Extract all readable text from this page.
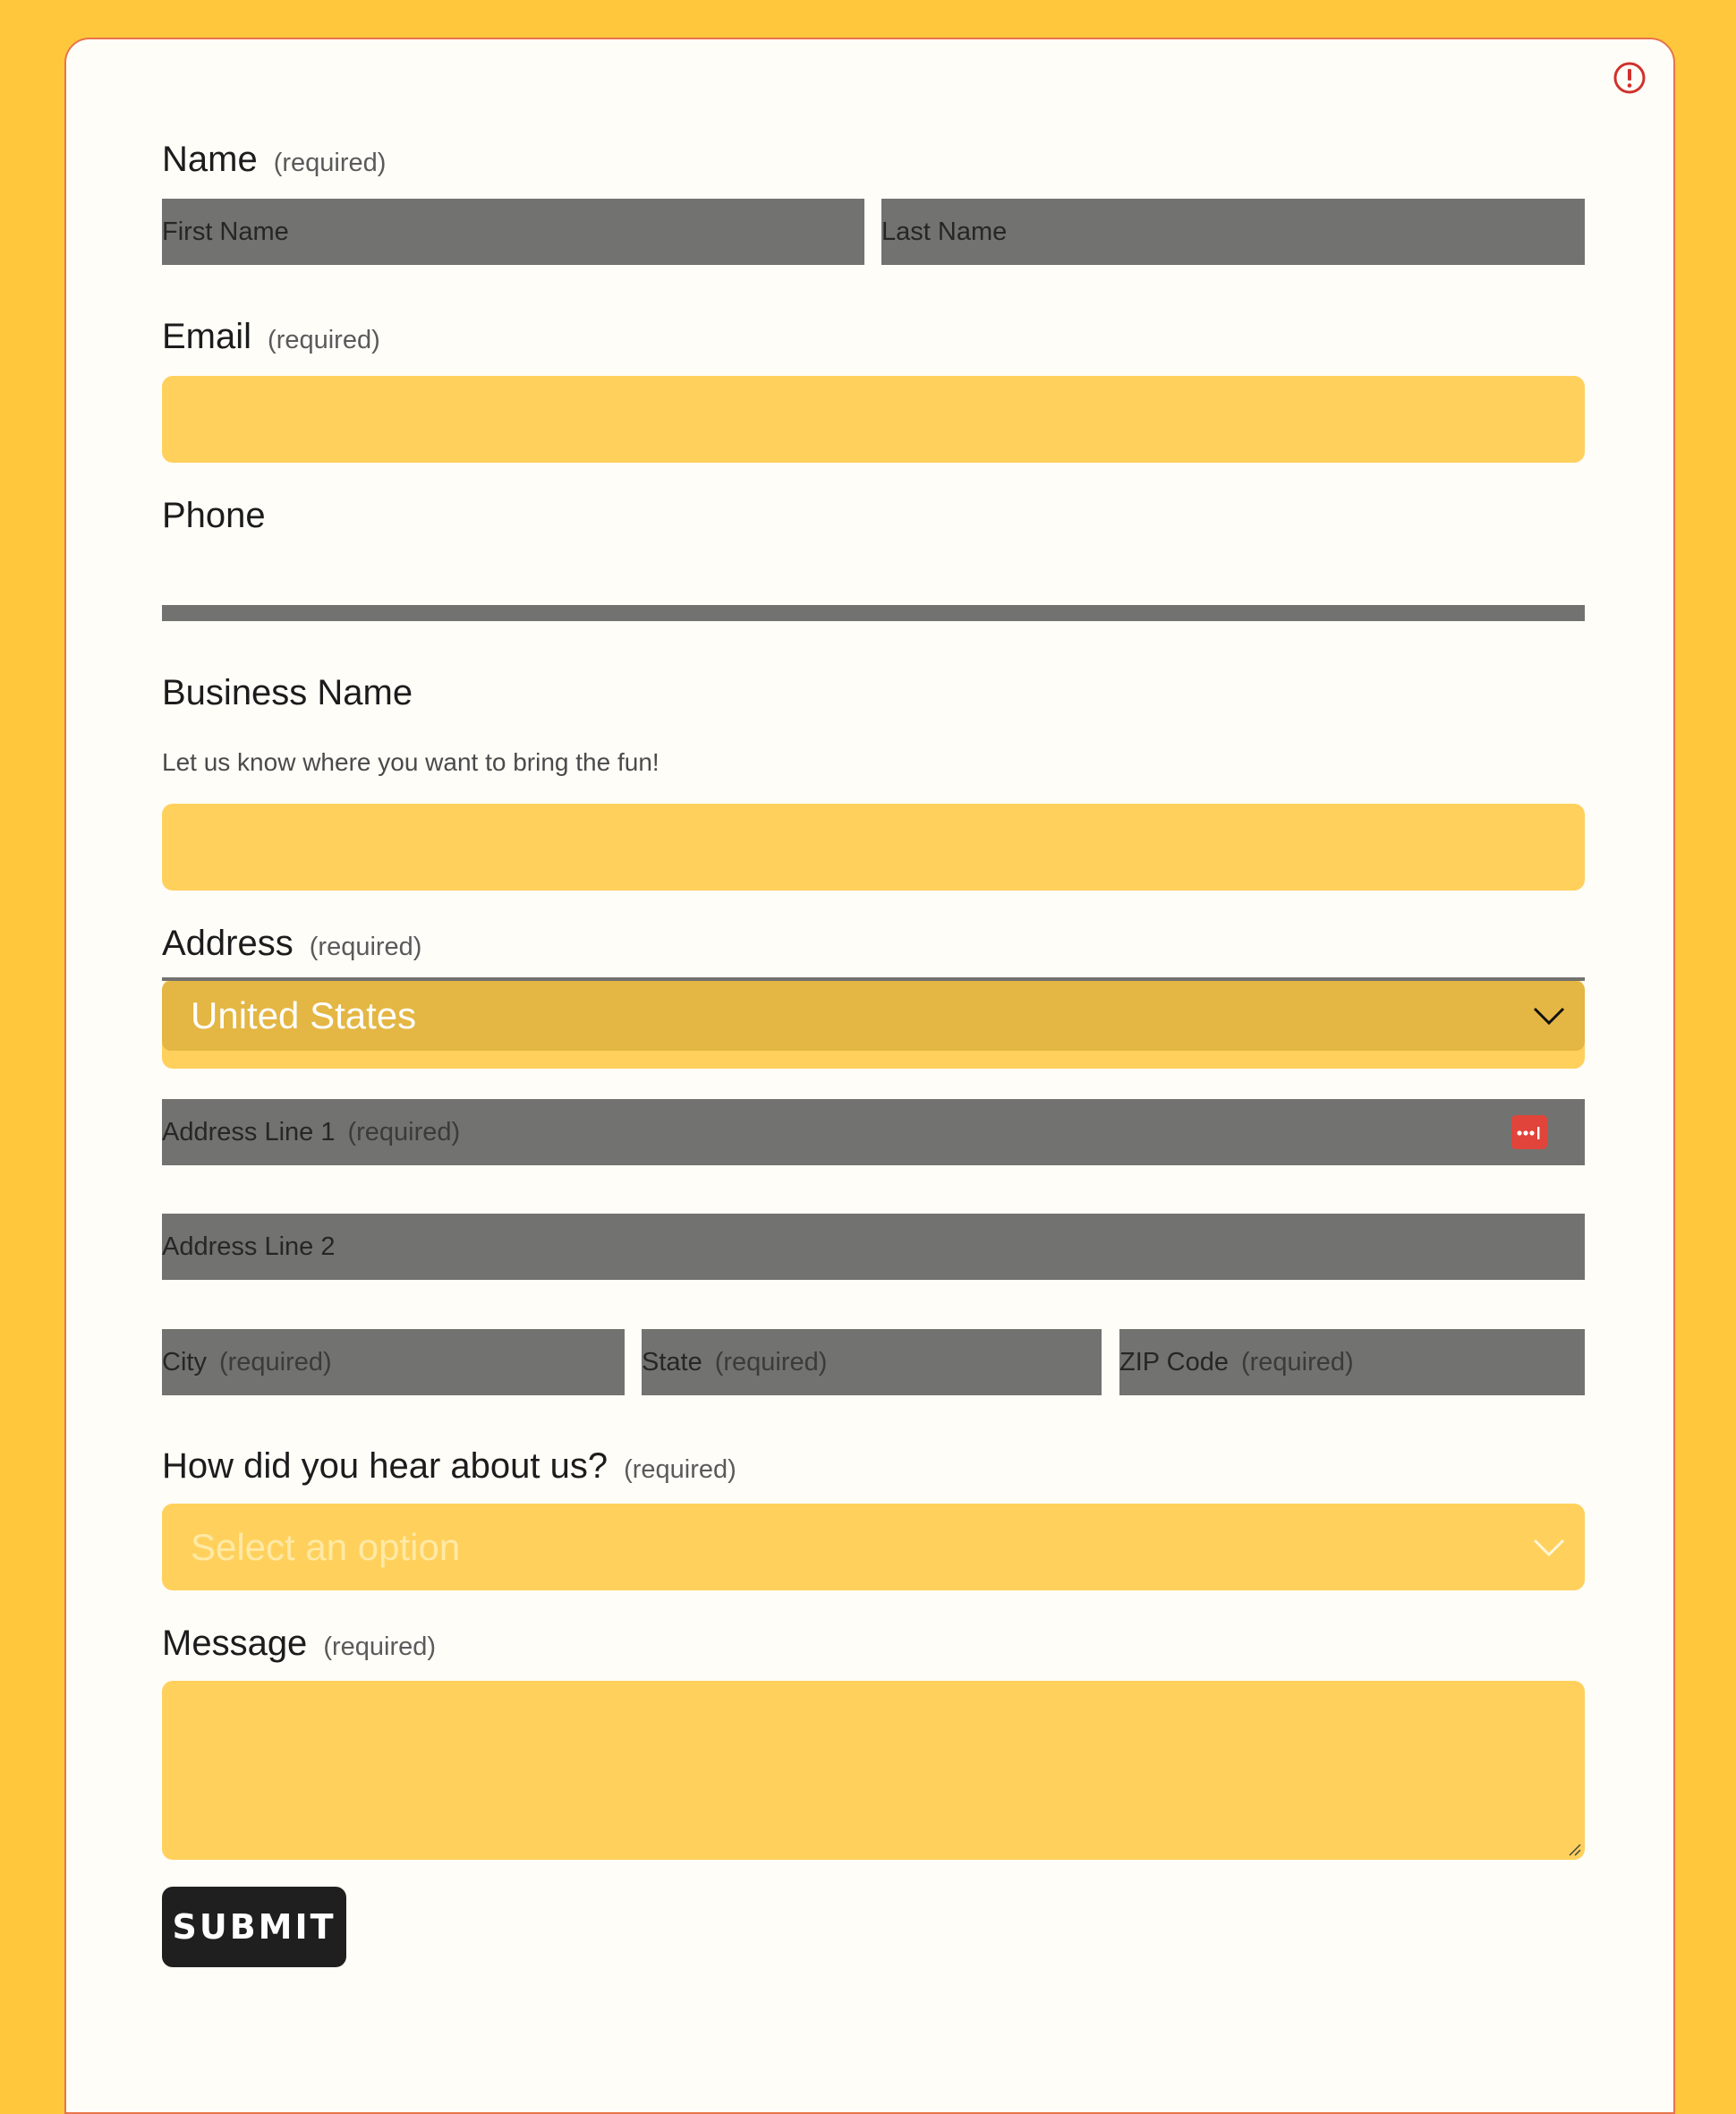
Name (required)
First Name	Last Name
Email (required)
Phone
Business Name
Let us know where you want to bring the fun!
Address (required)
United States
Address Line 1 (required)
Address Line 2
City (required)	State (required)	ZIP Code (required)
How did you hear about us? (required)
Select an option
Message (required)
SUBMIT
